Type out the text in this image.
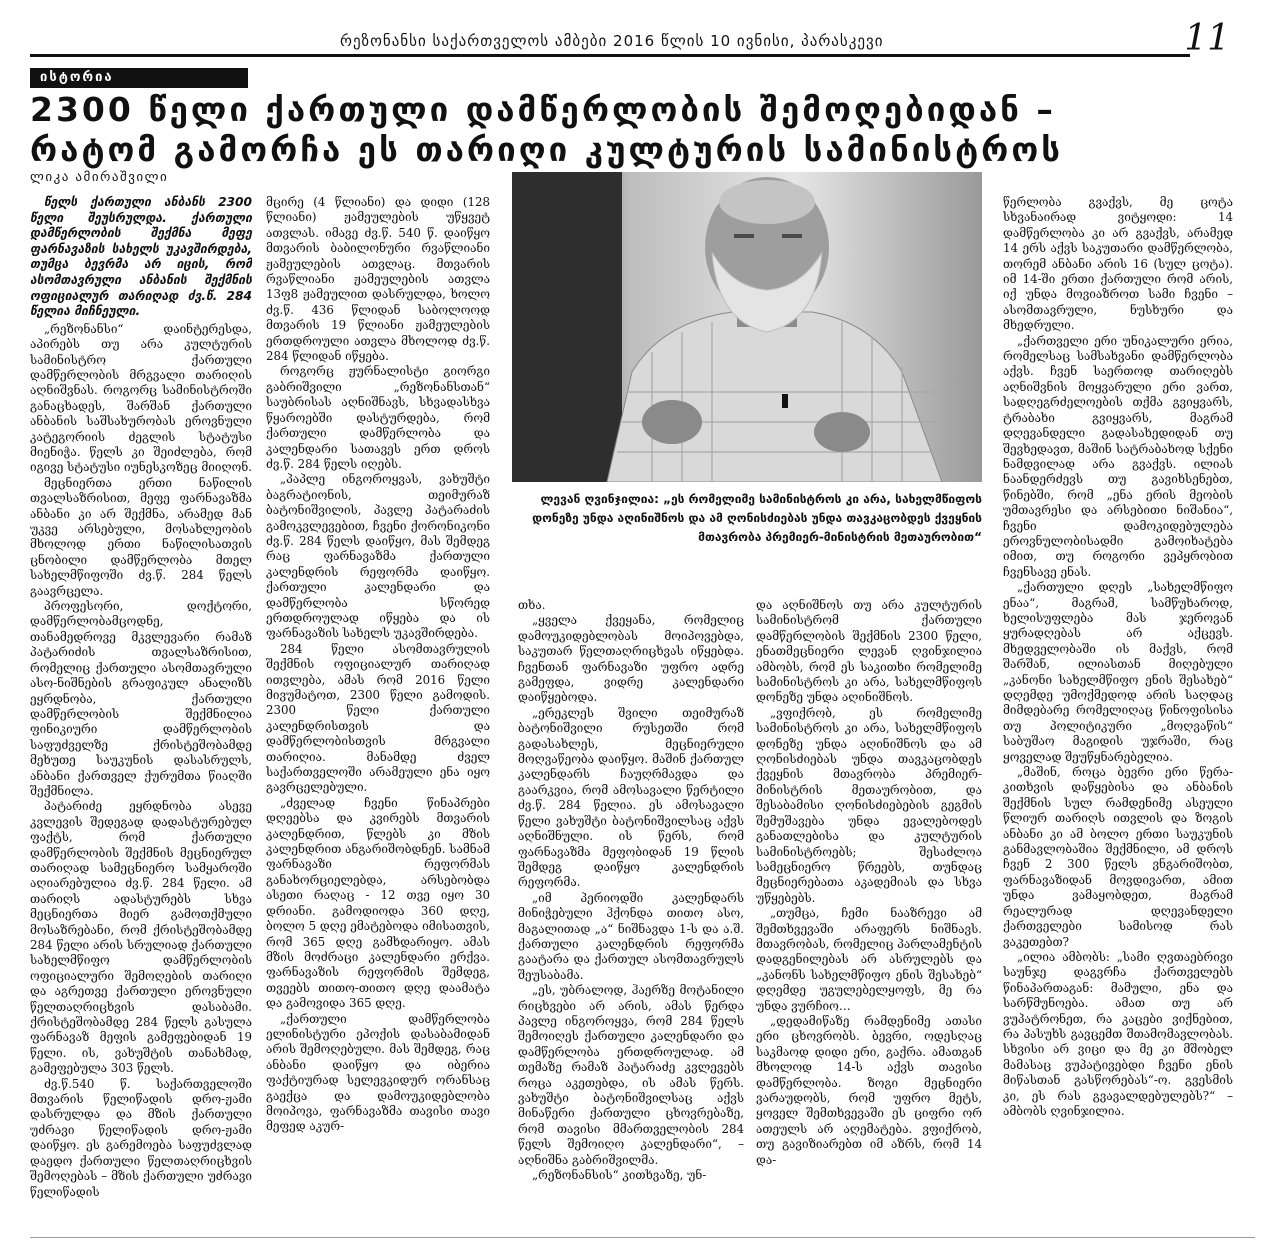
რეზონანსი საქართველოს ამბები 2016 წლის 10 ივნისი, პარასკევი	11
ისტორია
2300 წელი ქართული დამწერლობის შემოღებიდან –
რატომ გამორჩა ეს თარიღი კულტურის სამინისტროს
ლიკა ამირაშვილი

წელს ქართული ანბანს 2300 წელი შეუსრულდა. ქართული დამწერლობის შექმნა მეფე ფარნავაზის სახელს უკავშირდება, თუმცა ბევრმა არ იცის, რომ ასომთავრული ანბანის შექმნის ოფიციალურ თარიღად ძვ.წ. 284 წელია მიჩნეული.

„რეზონანსი“ დაინტერესდა, აპირებს თუ არა კულტურის სამინისტრო ქართული დამწერლობის მრგვალი თარიღის აღნიშვნას. როგორც სამინისტროში განაცხადეს, შარშან ქართული ანბანის საშსახურობას ეროვნული კატეგორიის ძეგლის სტატუსი მიენიჭა. წელს კი შეიძლება, რომ იგივე სტატუსი იუნესკოზეც მიიღონ.

მეცნიერთა ერთი ნაწილის თვალსაზრისით, მეფე ფარნავაზმა ანბანი კი არ შექმნა, არამედ მან უკვე არსებული, მოსახლეობის მხოლოდ ერთი ნაწილისათვის ცნობილი დამწერლობა მთელ სახელმწიფოში ძვ.წ. 284 წელს გაავრცელა.

პროფესორი, დოქტორი, დამწერლობამცოდნე, თანამედროვე მკვლევარი რამაზ პატარიძის თვალსაზრისით, რომელიც ქართული ასომთავრული ასო-ნიშნების გრაფიკულ ანალიზს ეყრდნობა, ქართული დამწერლობის შექმნილია ფინიკიური დამწერლობის საფუძველზე ქრისტეშობამდე მეხუთე საუკუნის დასასრულს, ანბანი ქართველ ქურუმთა წიაღში შექმნილა.

პატარიძე ეყრდნობა ასევე კვლევის შედეგად დადასტურებულ ფაქტს, რომ ქართული დამწერლობის შექმნის მეცნიერულ თარიღად სამეცნიერო სამყაროში აღიარებულია ძვ.წ. 284 წელი. ამ თარიღს ადასტურებს სხვა მეცნიერთა მიერ გამოთქმული მოსაზრებანი, რომ ქრისტეშობამდე 284 წელი არის სრულიად ქართული სახელმწიფო დამწერლობის ოფიციალური შემოღების თარიღი და აგრეთვე ქართული ეროვნული წელთაღრიცხვის დასაბამი. ქრისტეშობამდე 284 წელს გასულა ფარნავაზ მეფის გამეფებიდან 19 წელი. ის, ვახუშტის თანახმად, გამეფებულა 303 წელს.

ძვ.წ.540 წ. საქართველოში მთვარის წელიწადის დრო-ჟამი დასრულდა და მზის ქართული უძრავი წელიწადის დრო-ჟამი დაიწყო. ეს გარემოება საფუძვლად დაედო ქართული წელთაღრიცხვის შემოღებას – მზის ქართული უძრავი წელიწადის

მცირე (4 წლიანი) და დიდი (128 წლიანი) ჟამეულების უწყვეტ ათვლას. იმავე ძვ.წ. 540 წ. დაიწყო მთვარის ბაბილონური რვაწლიანი ჟამეულების ათვლაც. მთვარის რვაწლიანი ჟამეულების ათვლა 13ფ8 ჟამეულით დასრულდა, ხოლო ძვ.წ. 436 წლიდან საბოლოოდ მთვარის 19 წლიანი ჟამეულების ერთდროული ათვლა მხოლოდ ძვ.წ. 284 წლიდან იწყება.

როგორც ჟურნალისტი გიორგი გაბრიშვილი „რეზონანსთან“ საუბრისას აღნიშნავს, სხვადასხვა წყაროებში დასტურდება, რომ ქართული დამწერლობა და კალენდარი სათავეს ერთ დროს ძვ.წ. 284 წელს იღებს.

„პაპლე ინგოროყვას, ვახუშტი ბაგრატიონის, თეიმურაზ ბატონიშვილის, პავლე პატარაძის გამოკვლევებით, ჩვენი ქორონიკონი ძვ.წ. 284 წელს დაიწყო, მას შემდეგ რაც ფარნავაზმა ქართული კალენდრის რეფორმა დაიწყო. ქართული კალენდარი და დამწერლობა სწორედ ერთდროულად იწყება და ის ფარნავაზის სახელს უკავშირდება.

284 წელი ასომთავრულის შექმნის ოფიციალურ თარიღად ითვლება, ამას რომ 2016 წელი მივუმატოთ, 2300 წელი გამოდის. 2300 წელი ქართული კალენდრისთვის და დამწერლობისთვის მრგვალი თარიღია. მანამდე ძველ საქართველოში არამეული ენა იყო გავრცელებული.

„ძველად ჩვენი წინაპრები დღეებსა და კვირებს მთვარის კალენდრით, წლებს კი მზის კალენდრით ანგარიშობდნენ. სამნამ ფარნავაზი რეფორმას განახორციელებდა, არსებობდა ასეთი რაღაც - 12 თვე იყო 30 დრიანი. გამოდიოდა 360 დღე, ბოლო 5 დღე ემატებოდა იმისათვის, რომ 365 დღე გამხდარიყო. ამას მზის მოძრაცი კალენდარი ერქვა. ფარნავაზის რეფორმის შემდეგ, თვეებს თითო-თითო დღე დაამატა და გამოვიდა 365 დღე.

„ქართული დამწერლობა ელინისტური ეპოქის დასაბამიდან არის შემოღებული. მას შემდეგ, რაც ანბანი დაიწყო და იბერია ფაქტიურად სელევკიდურ ორანსაც გაექცა და დამოუკიდებლობა მოიპოვა, ფარნავაზმა თავისი თავი მეფედ აკურ-

ლევან ღვინჯილია: „ეს რომელიმე სამინისტროს კი არა, სახელმწიფოს დონეზე უნდა აღინიშნოს და ამ ღონისძიებას უნდა თავკაცობდეს ქვეყნის მთავრობა პრემიერ-მინისტრის მეთაურობით“

თხა.

„ყველა ქვეყანა, რომელიც დამოუკიდებლობას მოიპოვებდა, საკუთარ წელთაღრიცხვას იწყებდა. ჩვენთან ფარნავაზი უფრო ადრე გამეფდა, ვიდრე კალენდარი დაიწყებოდა.

„ერეკლეს შვილი თეიმურაზ ბატონიშვილი რუსეთში რომ გადასახლეს, მეცნიერული მოღვაწეობა დაიწყო. მაშინ ქართულ კალენდარს ჩაუღრმავდა და გაარკვია, რომ ამოსავალი წერტილი ძვ.წ. 284 წელია. ეს ამოსავალი წელი ვახუშტი ბატონიშვილსაც აქვს აღნიშნული. ის წერს, რომ ფარნავაზმა მეფობიდან 19 წლის შემდეგ დაიწყო კალენდრის რეფორმა.

„იმ პერიოდში კალენდარს მინიჭებული ჰქონდა თითო ასო, მაგალითად „ა“ ნიშნავდა 1-ს და ა.შ. ქართული კალენდრის რეფორმა გაატარა და ქართულ ასომთავრულს შეუსაბამა.

„ეს, უბრალოდ, ჰაერზე მოტანილი რიცხვები არ არის, ამას წერდა პავლე ინგოროყვა, რომ 284 წელს შემოიღეს ქართული კალენდარი და დამწერლობა ერთდროულად. ამ თემაზე რამაზ პატარაძე კვლევებს როცა აკეთებდა, ის ამას წერს. ვახუშტი ბატონიშვილსაც აქვს მინაწერი ქართული ცხოვრებაზე, რომ თავისი მმართველობის 284 წელს შემოიღო კალენდარი“, – აღნიშნა გაბრიშვილმა.

„რეზონანსის“ კითხვაზე, უნ-

და აღნიშნოს თუ არა კულტურის სამინისტრომ ქართული დამწერლობის შექმნის 2300 წელი, ენათმეცნიერი ლევან ღვინჯილია ამბობს, რომ ეს საკითხი რომელიმე სამინისტროს კი არა, სახელმწიფოს დონეზე უნდა აღინიშნოს.

„ვფიქრობ, ეს რომელიმე სამინისტროს კი არა, სახელმწიფოს დონეზე უნდა აღინიშნოს და ამ ღონისძიებას უნდა თავკაცობდეს ქვეყნის მთავრობა პრემიერ-მინისტრის მეთაურობით, და შესაბამისი ღონისძიებების გეგმის შემუშავება უნდა ევალებოდეს განათლებისა და კულტურის სამინისტროებს; შესაძლოა სამეცნიერო წრეებს, თუნდაც მეცნიერებათა აკადემიას და სხვა უწყებებს.

„თუმცა, ჩემი ნააზრევი ამ შემთხვევაში არაფერს ნიშნავს. მთავრობას, რომელიც პარლამენტის დადგენილებას არ ასრულებს და „კანონს სახელმწიფო ენის შესახებ“ დღემდე უგულებელყოფს, მე რა უნდა ვურჩიო…

„დედამიწაზე რამდენიმე ათასი ერი ცხოვრობს. ბევრი, ოდესღაც საკმაოდ დიდი ერი, გაქრა. ამათგან მხოლოდ 14-ს აქვს თავისი დამწერლობა. ზოგი მეცნიერი ვარაუდობს, რომ უფრო მეტს, ყოველ შემთხვევაში ეს ციფრი ორ ათეულს არ აღემატება. ვფიქრობ, თუ გავიზიარებთ იმ აზრს, რომ 14 და-

წერლობა გვაქვს, მე ცოტა სხვანაირად ვიტყოდი: 14 დამწერლობა კი არ გვაქვს, არამედ 14 ერს აქვს საკუთარი დამწერლობა, თორემ ანბანი არის 16 (სულ ცოტა). იმ 14-ში ერთი ქართული რომ არის, იქ უნდა მოვიაზროთ სამი ჩვენი – ასომთავრული, ნუსხური და მხედრული.

„ქართველი ერი უნიკალური ერია, რომელსაც სამსახვანი დამწერლობა აქვს. ჩვენ საერთოდ თარიღებს აღნიშვნის მოყვარული ერი ვართ, სადღეგრძელოების თქმა გვიყვარს, ტრაბახი გვიყვარს, მაგრამ დღევანდელი გადასახედიდან თუ შევხედავთ, მაშინ სატრაბახოდ სქენი ნამდვილად არა გვაქვს. ილიას ნაანდერძევს თუ გავიხსენებთ, წინებში, რომ „ენა ერის მეობის უმთავრესი და არსებითი ნიშანია“, ჩვენი დამოკიდებულება ეროვნულობისადმი გამოიხატება იმით, თუ როგორი ვეპყრობით ჩვენსავე ენას.

„ქართული დღეს „სახელმწიფო ენაა“, მაგრამ, სამწუხაროდ, ხელისუფლება მას ჯეროვან ყურადღებას არ აქცევს. მხედველობაში ის მაქვს, რომ შარშან, ილიასთან მიღებული „კანონი სახელმწიფო ენის შესახებ“ დღემდე უმოქმედოდ არის საღდაც მიმდებარე რომელიღაც წინოფისისა თუ პოლიტიკური „მოღვაწის“ საბუშაო მაგიდის უჯრაში, რაც ყოველად შეუწყნარებელია.

„მაშინ, როცა ბევრი ერი წერა-კითხვის დაწყებისა და ანბანის შექმნის სულ რამდენიმე ასეული წლიურ თარიღს ითვლის და ზოგის ანბანი კი ამ ბოლო ერთი საუკუნის განმავლობაშია შექმნილი, ამ დროს ჩვენ 2 300 წელს ვნგარიშობთ, ფარნავაზიდან მოვდივართ, ამით უნდა ვამაყობდეთ, მაგრამ რეალურად დღევანდელი ქართველები სამისოდ რას ვაკეთებთ?

„ილია ამბობს: „სამი ღვთაებრივი საუნჯე დაგვრჩა ქართველებს წინაპართაგან: მამული, ენა და სარწმუნოება. ამათ თუ არ ვუპატრონეთ, რა კაცები ვიქნებით, რა პასუხს გავცემთ შთამომავლობას. სხვისი არ ვიცი და მე კი მშობელ მამასაც ვუპატივებდი ჩვენი ენის მიწასთან გასწორებას“-ო. გვესმის კი, ეს რას გვავალდებულებს?“ – ამბობს ღვინჯილია.
